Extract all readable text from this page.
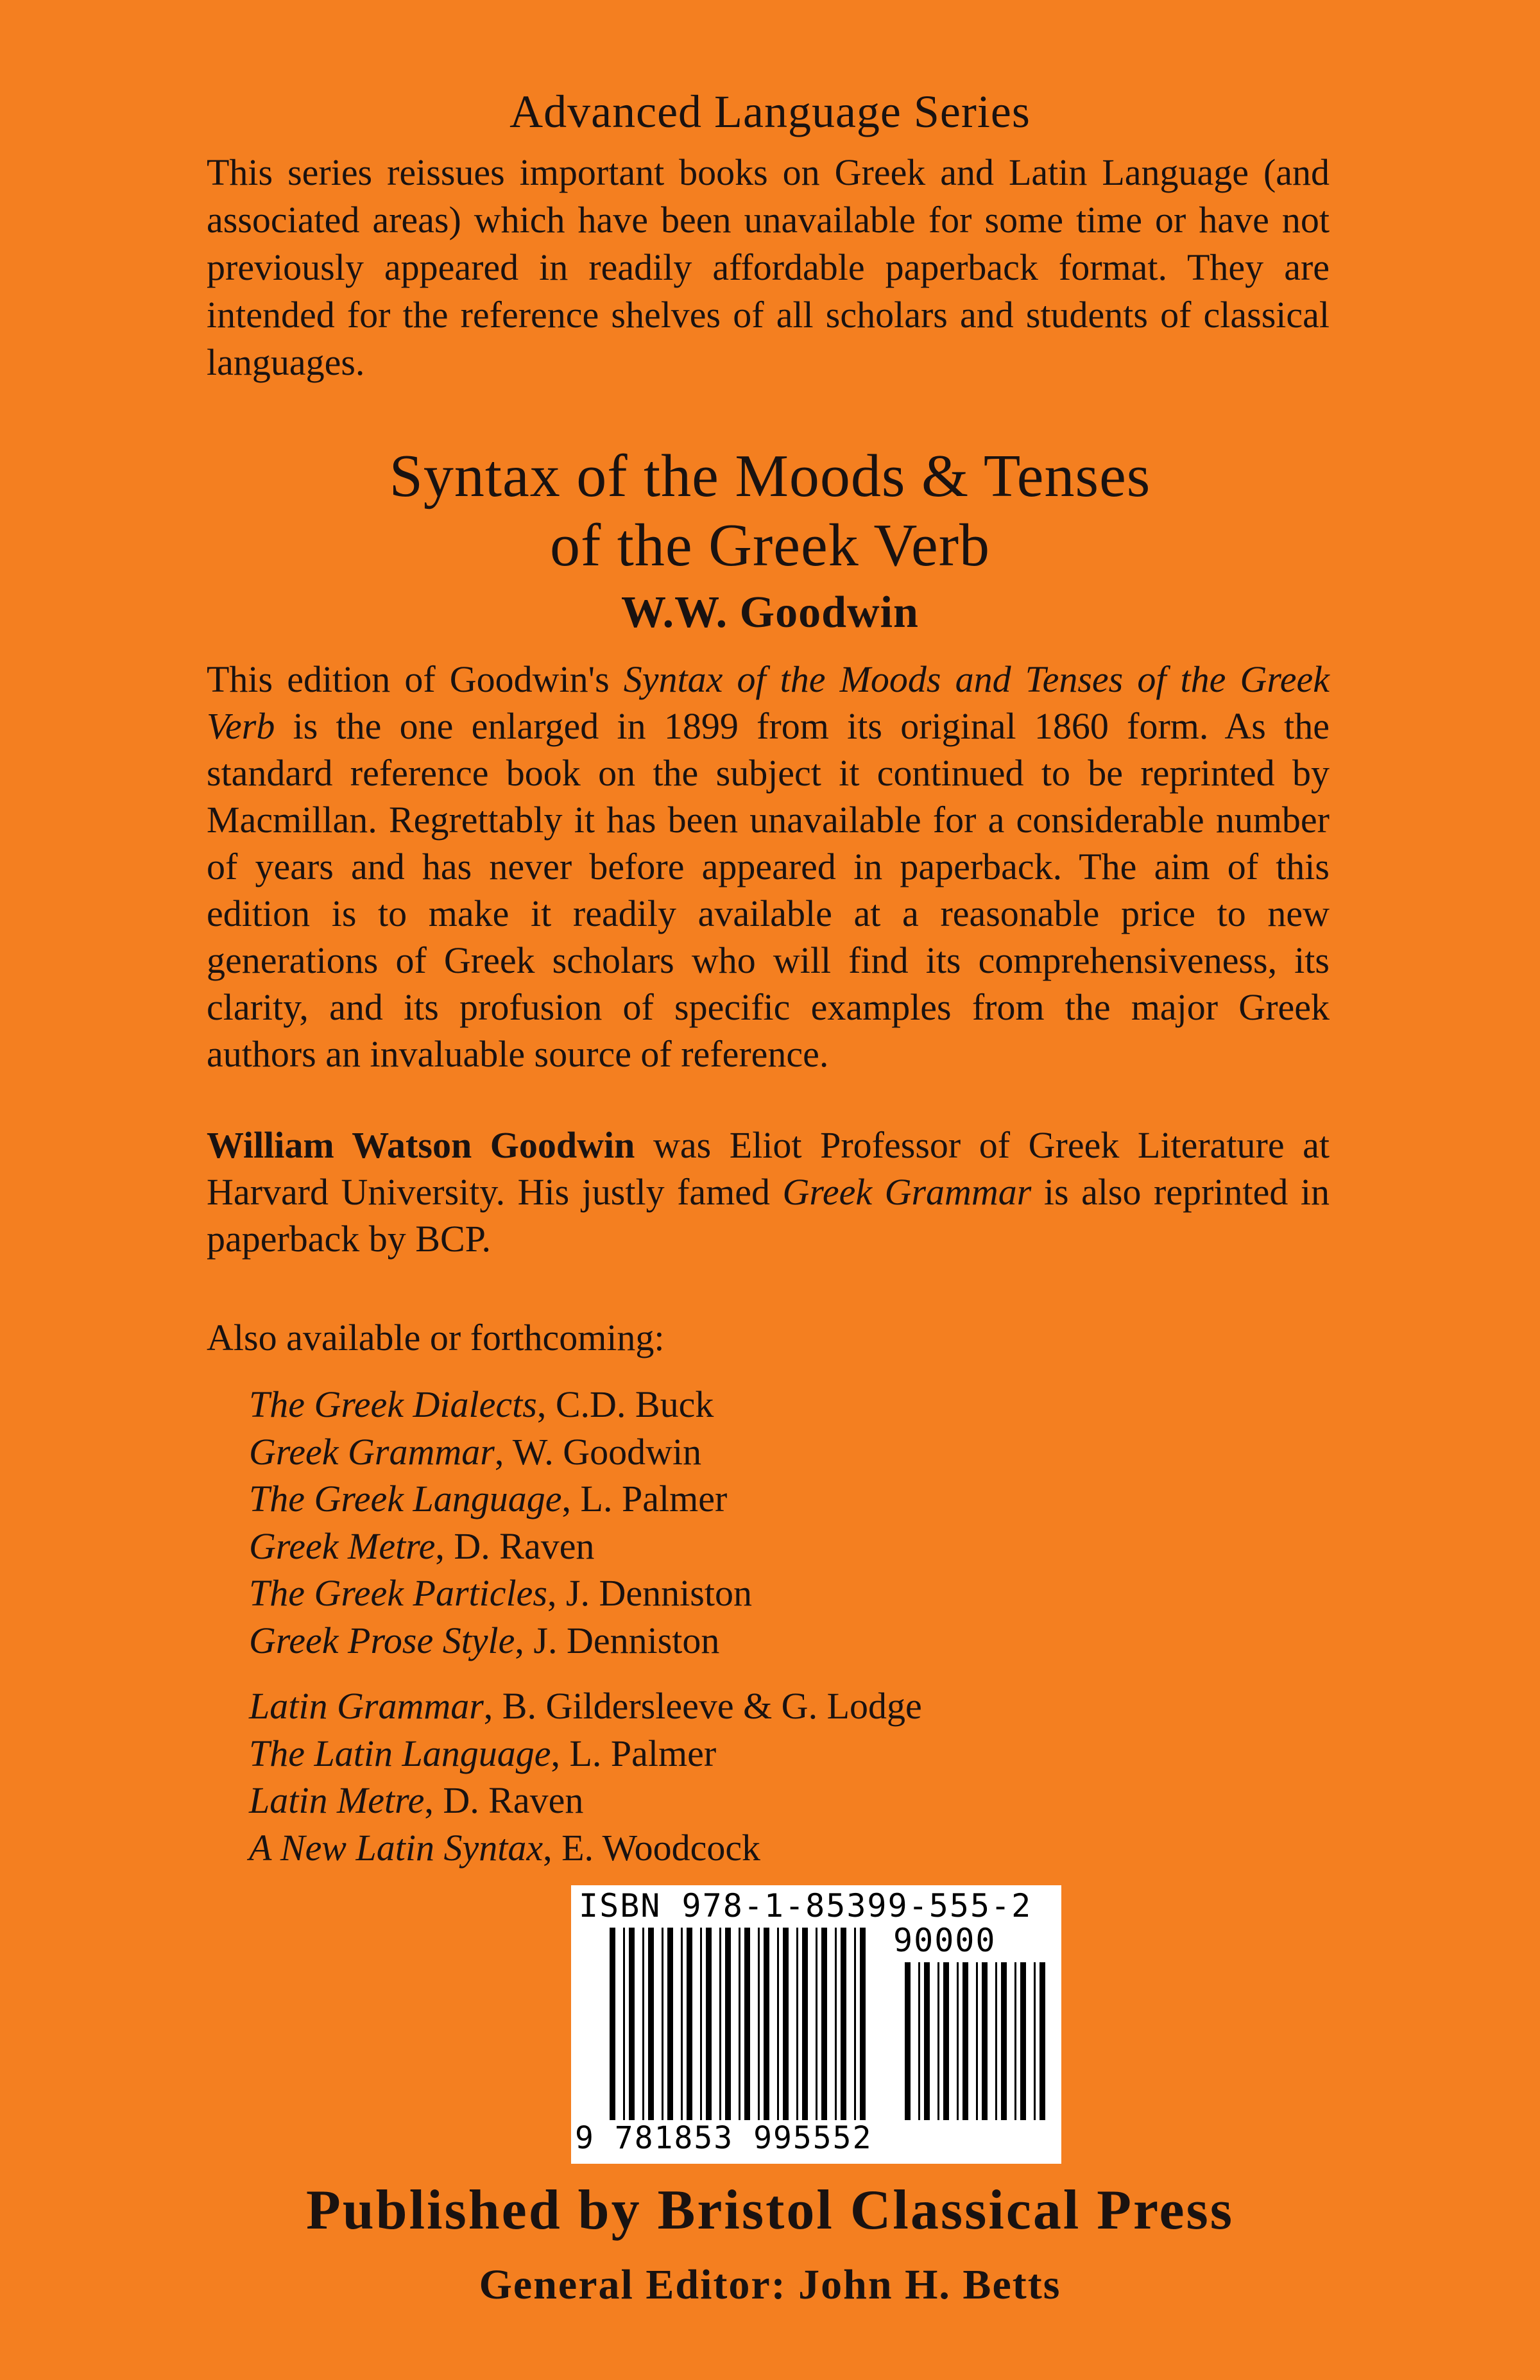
Advanced Language Series
This series reissues important books on Greek and Latin Language (and associated areas) which have been unavailable for some time or have not previously appeared in readily affordable paperback format. They are intended for the reference shelves of all scholars and students of classical languages.
Syntax of the Moods & Tenses
of the Greek Verb
W.W. Goodwin
This edition of Goodwin's Syntax of the Moods and Tenses of the Greek Verb is the one enlarged in 1899 from its original 1860 form. As the standard reference book on the subject it continued to be reprinted by Macmillan. Regrettably it has been unavailable for a considerable number of years and has never before appeared in paperback. The aim of this edition is to make it readily available at a reasonable price to new generations of Greek scholars who will find its comprehensiveness, its clarity, and its profusion of specific examples from the major Greek authors an invaluable source of reference.
William Watson Goodwin was Eliot Professor of Greek Literature at Harvard University. His justly famed Greek Grammar is also reprinted in paperback by BCP.
Also available or forthcoming:
The Greek Dialects, C.D. Buck
Greek Grammar, W. Goodwin
The Greek Language, L. Palmer
Greek Metre, D. Raven
The Greek Particles, J. Denniston
Greek Prose Style, J. Denniston
Latin Grammar, B. Gildersleeve & G. Lodge
The Latin Language, L. Palmer
Latin Metre, D. Raven
A New Latin Syntax, E. Woodcock
ISBN 978-1-85399-555-2
90000
9 781853 995552
Published by Bristol Classical Press
General Editor: John H. Betts
